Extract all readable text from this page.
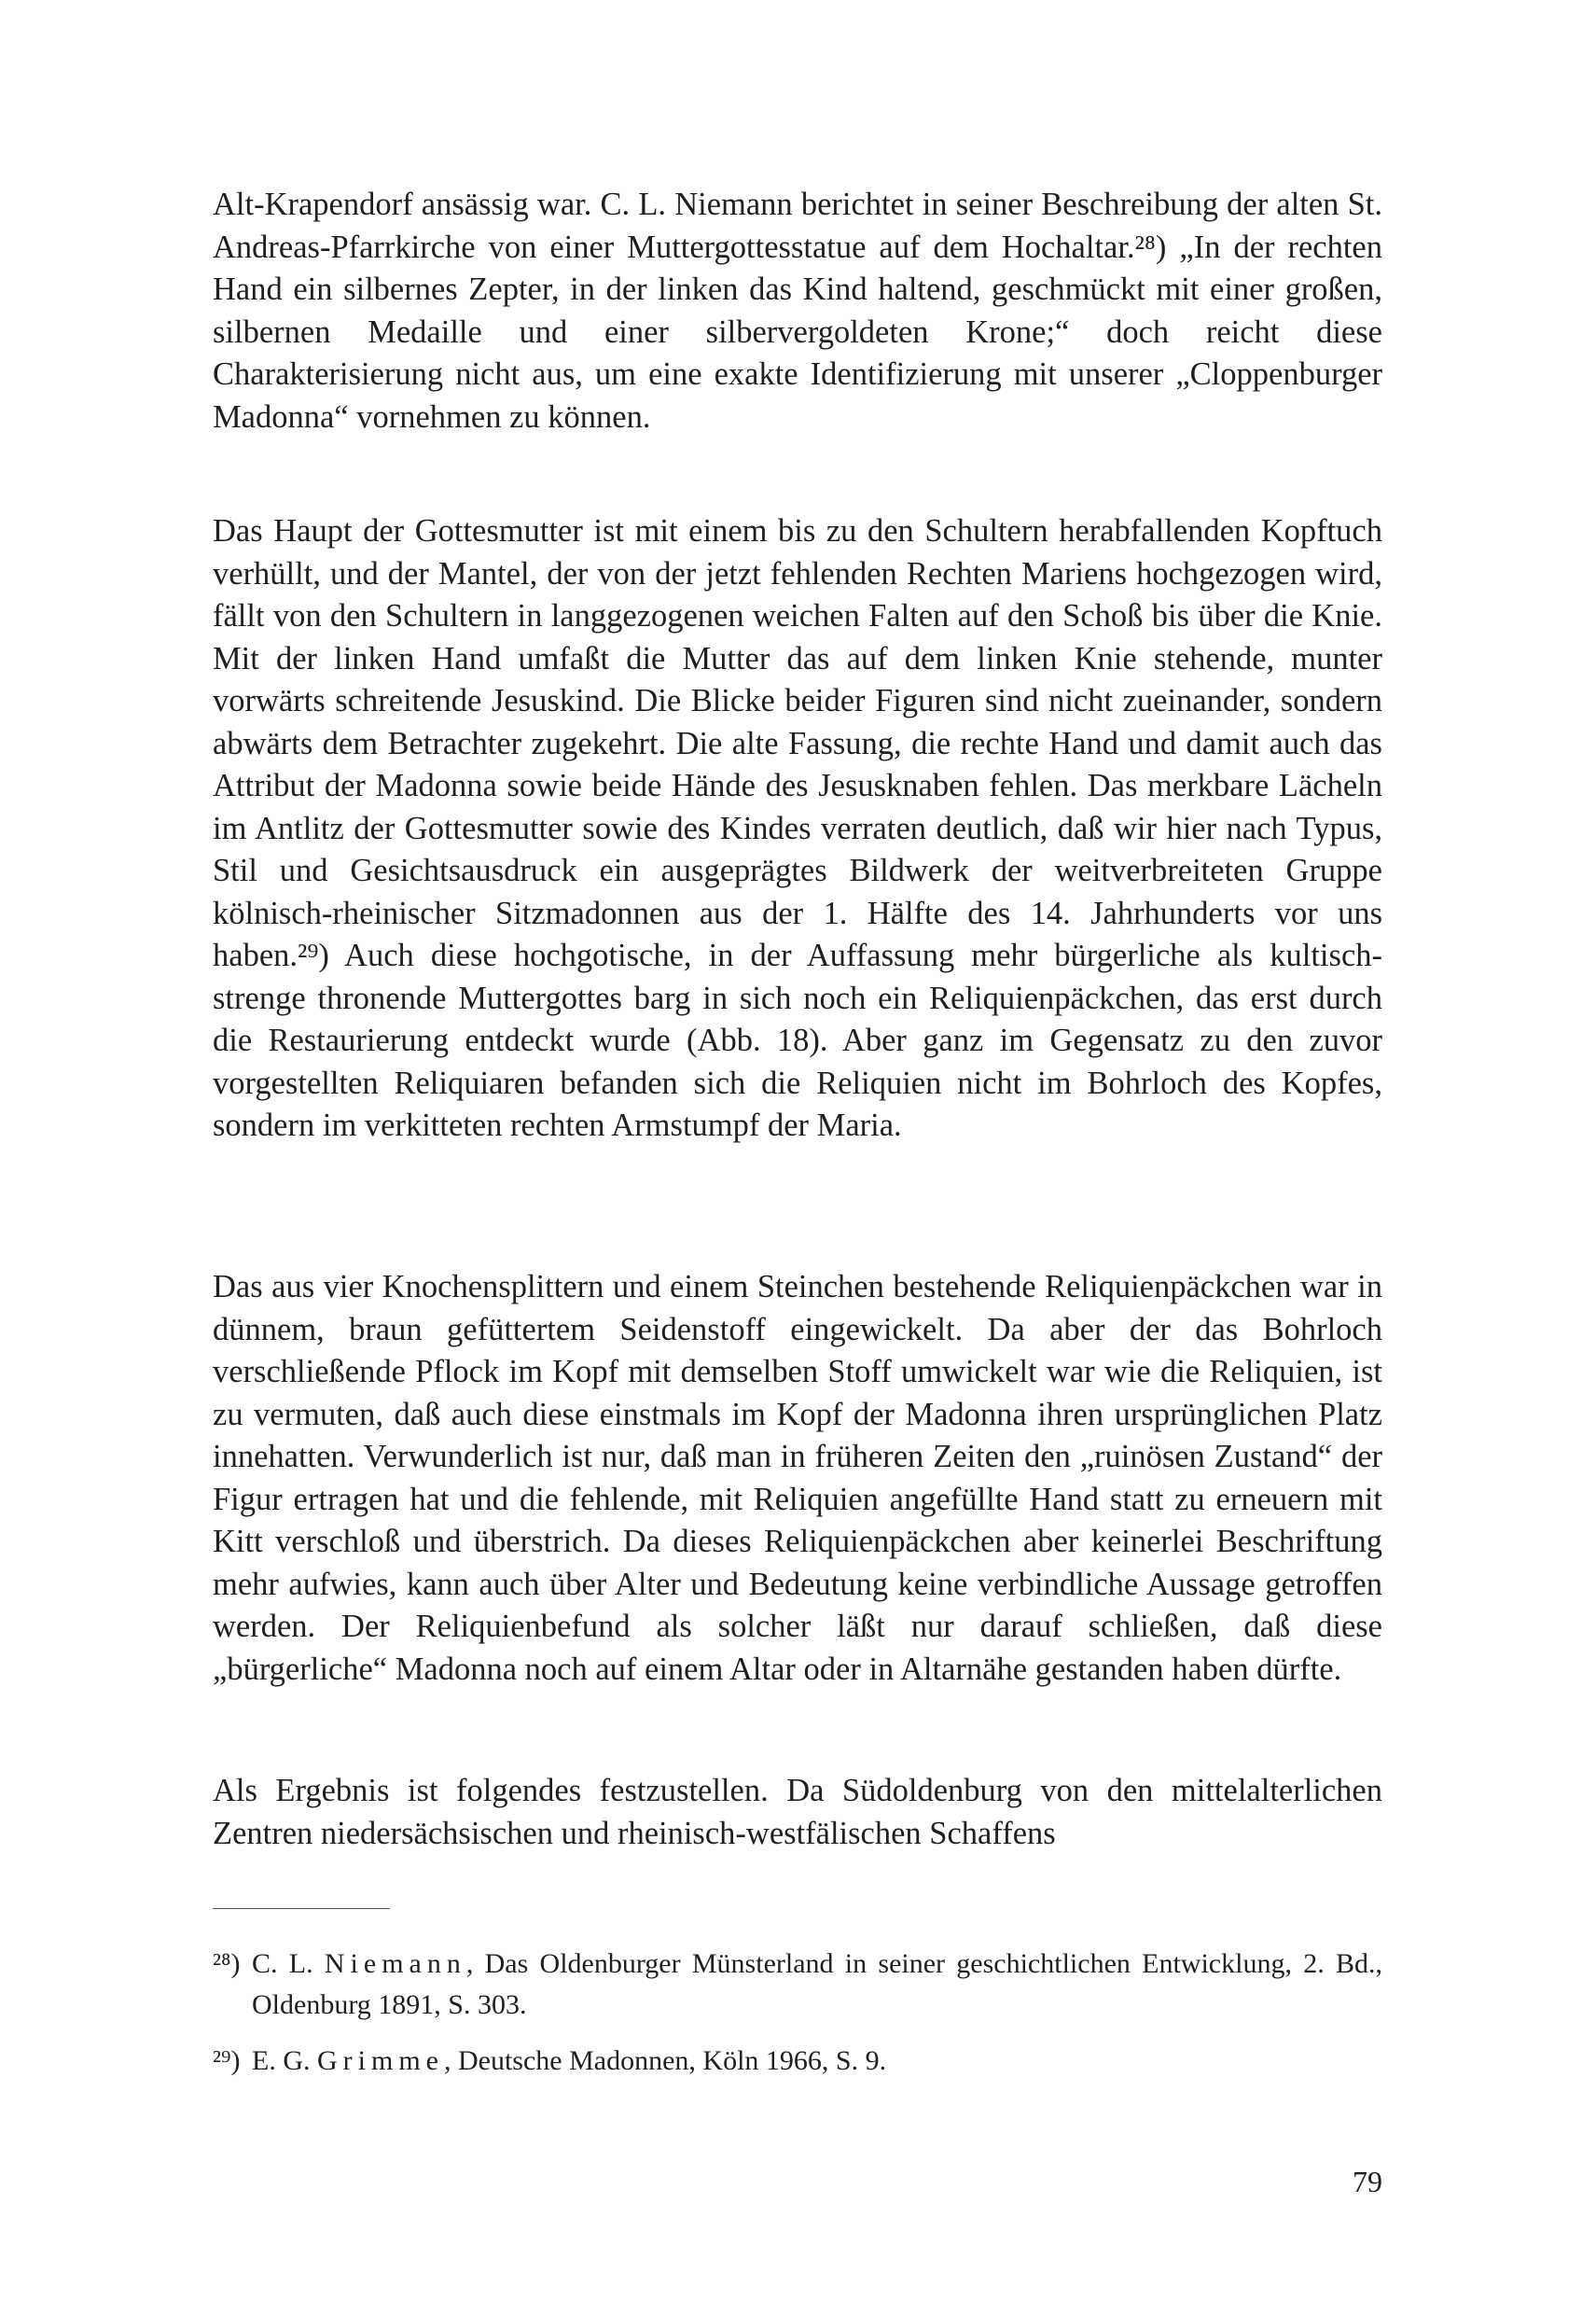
Alt-Krapendorf ansässig war. C. L. Niemann berichtet in seiner Beschreibung der alten St. Andreas-Pfarrkirche von einer Muttergottesstatue auf dem Hochaltar.²⁸) „In der rechten Hand ein silbernes Zepter, in der linken das Kind haltend, geschmückt mit einer großen, silbernen Medaille und einer silbervergoldeten Krone;“ doch reicht diese Charakterisierung nicht aus, um eine exakte Identifizierung mit unserer „Cloppenburger Madonna“ vornehmen zu können.

Das Haupt der Gottesmutter ist mit einem bis zu den Schultern herabfallenden Kopftuch verhüllt, und der Mantel, der von der jetzt fehlenden Rechten Mariens hochgezogen wird, fällt von den Schultern in langgezogenen weichen Falten auf den Schoß bis über die Knie. Mit der linken Hand umfaßt die Mutter das auf dem linken Knie stehende, munter vorwärts schreitende Jesuskind. Die Blicke beider Figuren sind nicht zueinander, sondern abwärts dem Betrachter zugekehrt. Die alte Fassung, die rechte Hand und damit auch das Attribut der Madonna sowie beide Hände des Jesusknaben fehlen. Das merkbare Lächeln im Antlitz der Gottesmutter sowie des Kindes verraten deutlich, daß wir hier nach Typus, Stil und Gesichtsausdruck ein ausgeprägtes Bildwerk der weitverbreiteten Gruppe kölnisch-rheinischer Sitzmadonnen aus der 1. Hälfte des 14. Jahrhunderts vor uns haben.²⁹) Auch diese hochgotische, in der Auffassung mehr bürgerliche als kultisch-strenge thronende Muttergottes barg in sich noch ein Reliquienpäckchen, das erst durch die Restaurierung entdeckt wurde (Abb. 18). Aber ganz im Gegensatz zu den zuvor vorgestellten Reliquiaren befanden sich die Reliquien nicht im Bohrloch des Kopfes, sondern im verkitteten rechten Armstumpf der Maria.

Das aus vier Knochensplittern und einem Steinchen bestehende Reliquienpäckchen war in dünnem, braun gefüttertem Seidenstoff eingewickelt. Da aber der das Bohrloch verschließende Pflock im Kopf mit demselben Stoff umwickelt war wie die Reliquien, ist zu vermuten, daß auch diese einstmals im Kopf der Madonna ihren ursprünglichen Platz innehatten. Verwunderlich ist nur, daß man in früheren Zeiten den „ruinösen Zustand“ der Figur ertragen hat und die fehlende, mit Reliquien angefüllte Hand statt zu erneuern mit Kitt verschloß und überstrich. Da dieses Reliquienpäckchen aber keinerlei Beschriftung mehr aufwies, kann auch über Alter und Bedeutung keine verbindliche Aussage getroffen werden. Der Reliquienbefund als solcher läßt nur darauf schließen, daß diese „bürgerliche“ Madonna noch auf einem Altar oder in Altarnähe gestanden haben dürfte.

Als Ergebnis ist folgendes festzustellen. Da Südoldenburg von den mittelalterlichen Zentren niedersächsischen und rheinisch-westfälischen Schaffens

²⁸) C. L. Niemann, Das Oldenburger Münsterland in seiner geschichtlichen Entwicklung, 2. Bd., Oldenburg 1891, S. 303.
²⁹) E. G. Grimme, Deutsche Madonnen, Köln 1966, S. 9.
79
